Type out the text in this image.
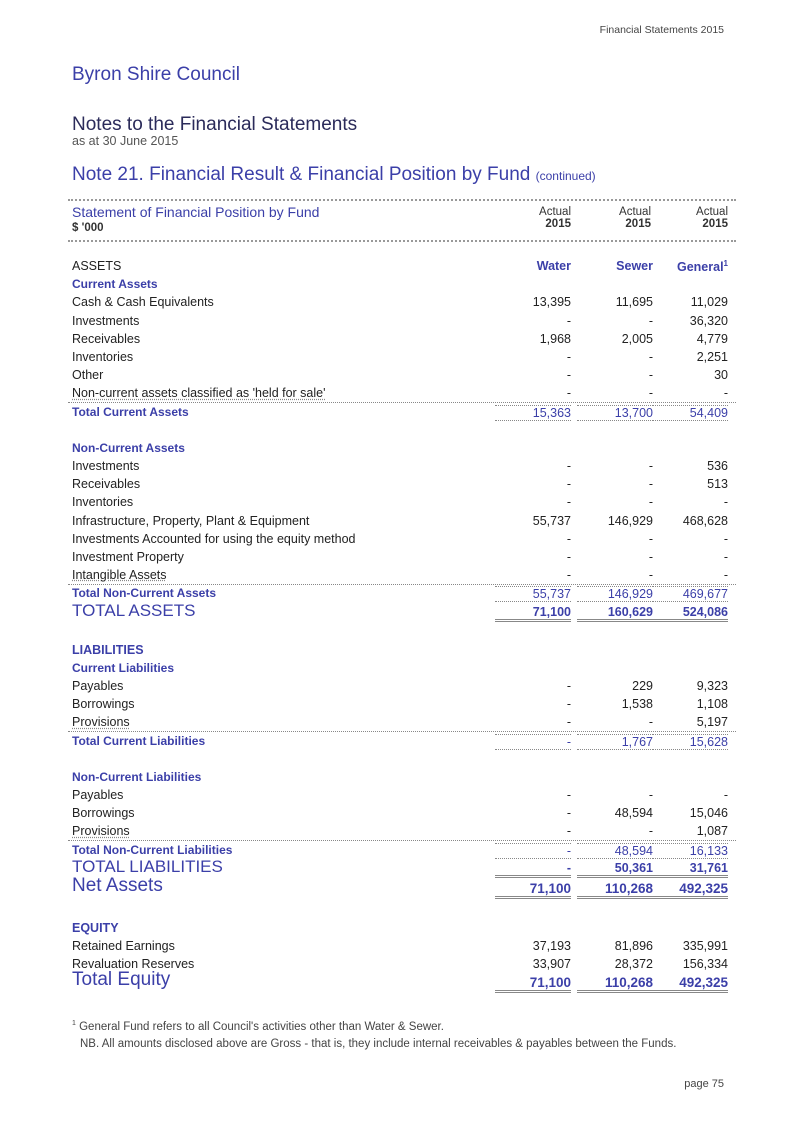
Financial Statements 2015
Byron Shire Council
Notes to the Financial Statements
as at 30 June 2015
Note 21. Financial Result & Financial Position by Fund (continued)
Statement of Financial Position by Fund
$ '000
Actual
2015
Actual
2015
Actual
2015
ASSETS	Water	Sewer	General$^1$
Current Assets
Cash & Cash Equivalents	13,395	11,695	11,029
Investments	-	-	36,320
Receivables	1,968	2,005	4,779
Inventories	-	-	2,251
Other	-	-	30
Non-current assets classified as 'held for sale'	-	-	-
Total Current Assets	15,363	13,700	54,409
Non-Current Assets
Investments	-	-	536
Receivables	-	-	513
Inventories	-	-	-
Infrastructure, Property, Plant & Equipment	55,737	146,929	468,628
Investments Accounted for using the equity method	-	-	-
Investment Property	-	-	-
Intangible Assets	-	-	-
Total Non-Current Assets	55,737	146,929	469,677
TOTAL ASSETS	71,100	160,629	524,086
LIABILITIES
Current Liabilities
Payables	-	229	9,323
Borrowings	-	1,538	1,108
Provisions	-	-	5,197
Total Current Liabilities	-	1,767	15,628
Non-Current Liabilities
Payables	-	-	-
Borrowings	-	48,594	15,046
Provisions	-	-	1,087
Total Non-Current Liabilities	-	48,594	16,133
TOTAL LIABILITIES	-	50,361	31,761
Net Assets	71,100	110,268	492,325
EQUITY
Retained Earnings	37,193	81,896	335,991
Revaluation Reserves	33,907	28,372	156,334
Total Equity	71,100	110,268	492,325
$^1$ General Fund refers to all Council's activities other than Water & Sewer.
NB. All amounts disclosed above are Gross - that is, they include internal receivables & payables between the Funds.
page 75
